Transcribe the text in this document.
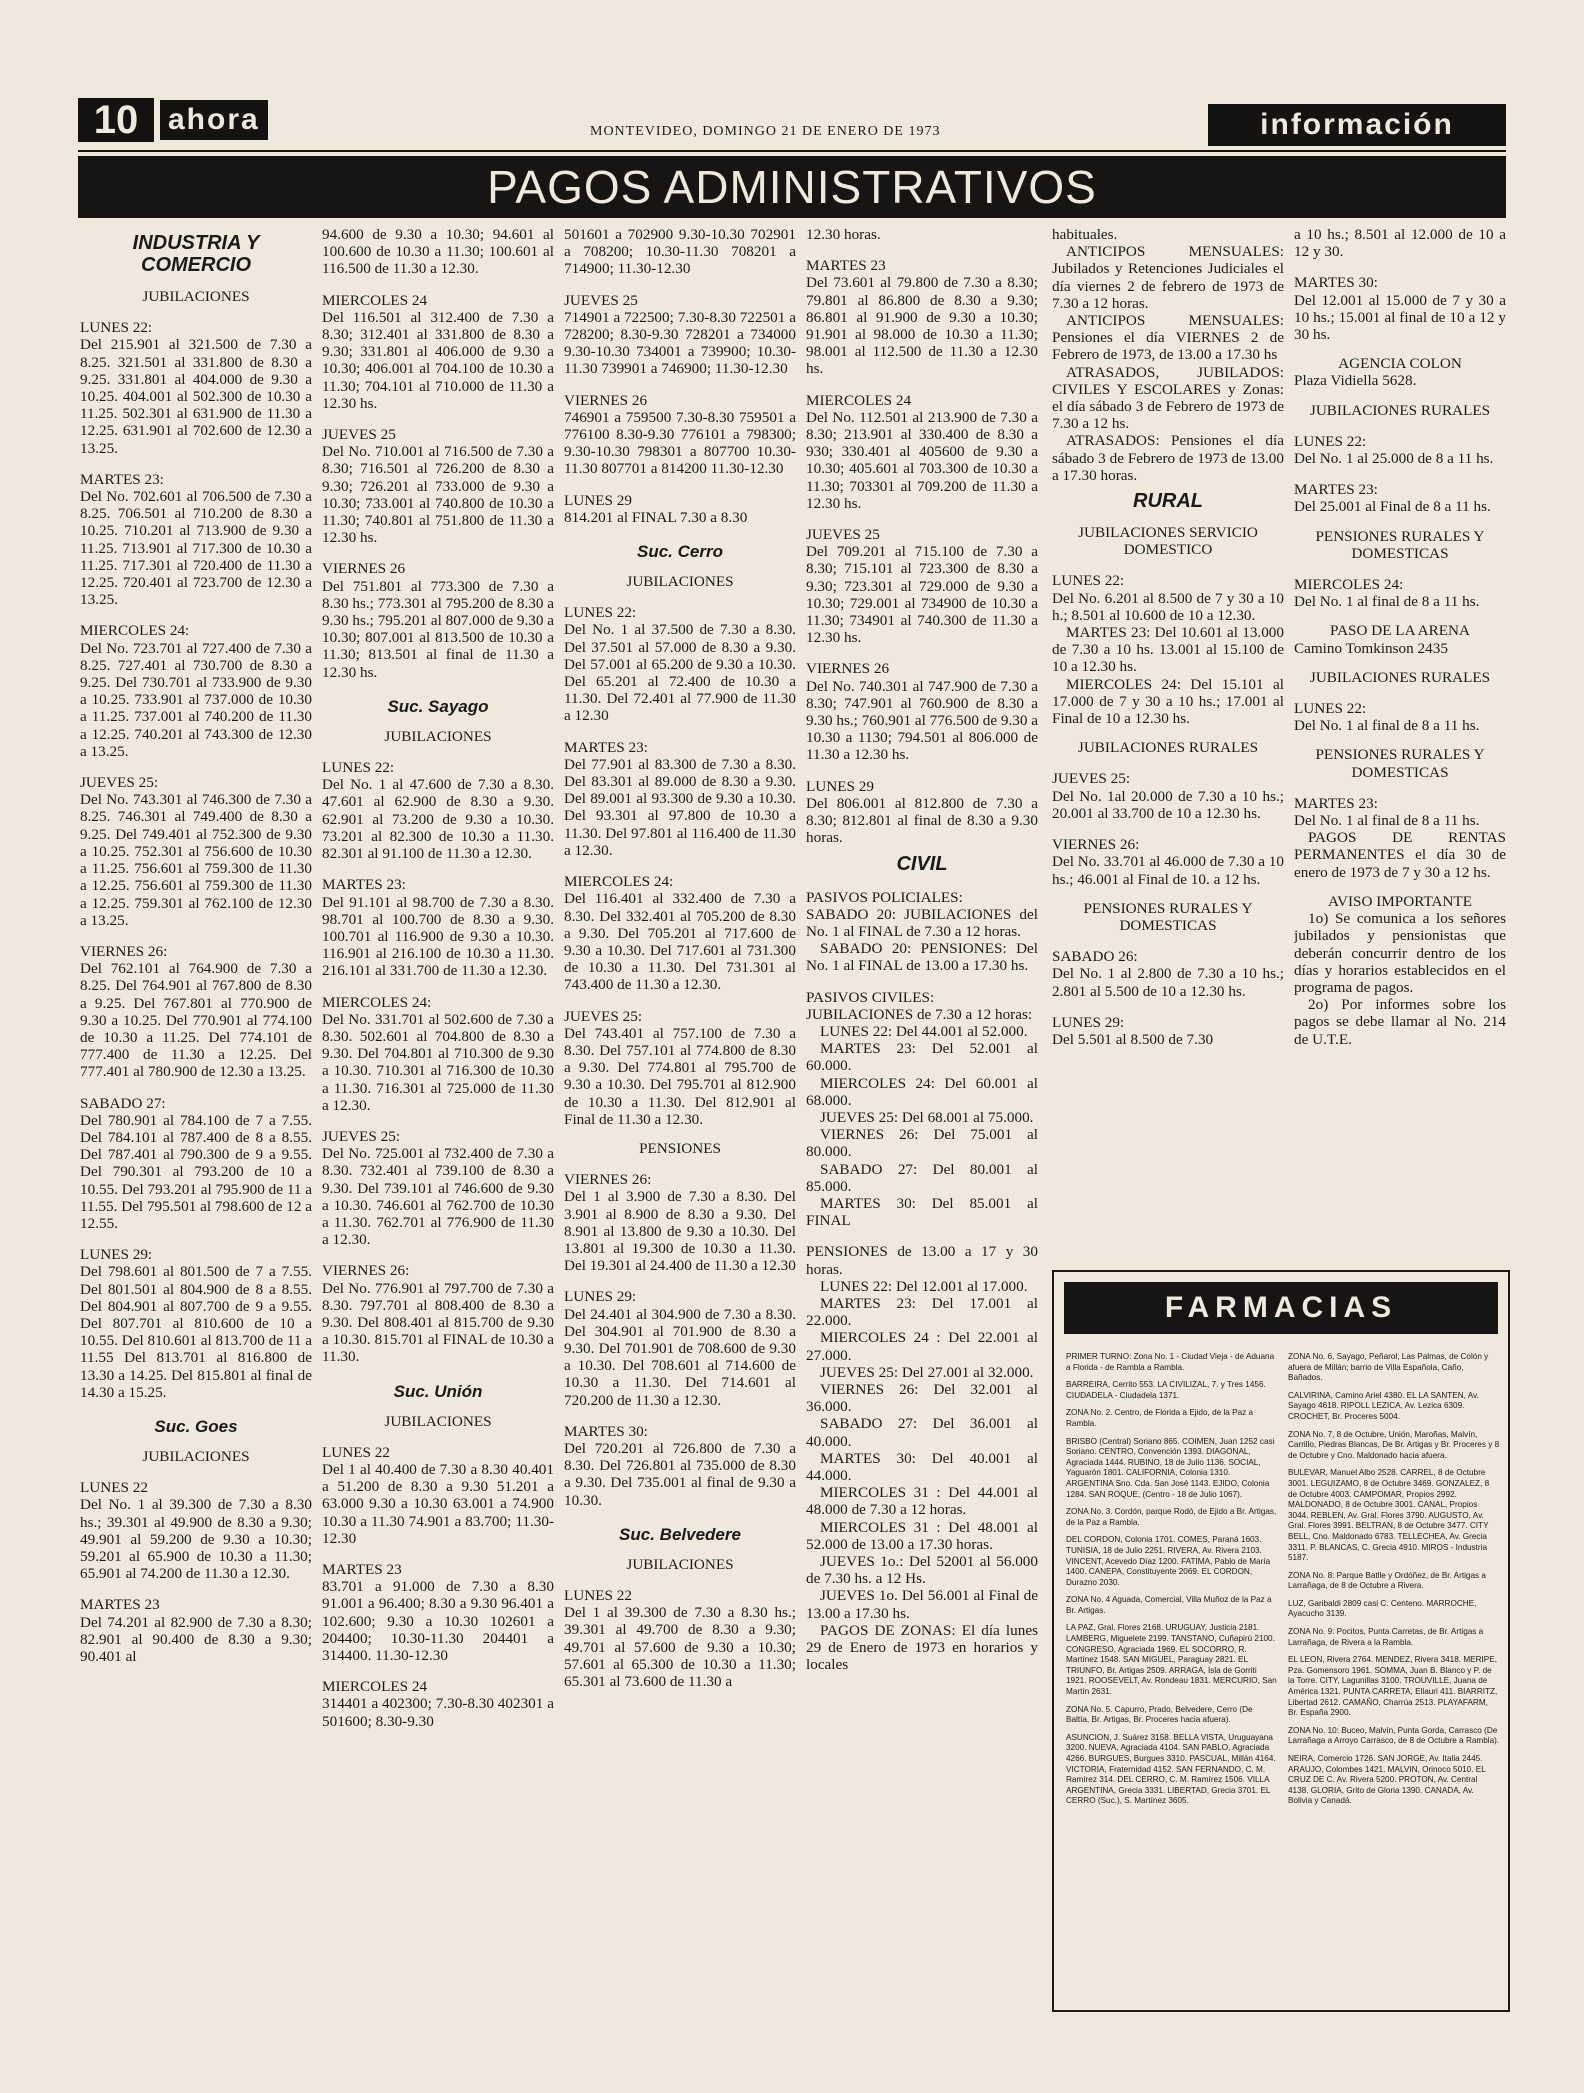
10 ahora	MONTEVIDEO, DOMINGO 21 DE ENERO DE 1973	información
PAGOS ADMINISTRATIVOS
INDUSTRIA Y COMERCIO

JUBILACIONES

LUNES 22:

Del 215.901 al 321.500 de 7.30 a 8.25. 321.501 al 331.800 de 8.30 a 9.25. 331.801 al 404.000 de 9.30 a 10.25. 404.001 al 502.300 de 10.30 a 11.25. 502.301 al 631.900 de 11.30 a 12.25. 631.901 al 702.600 de 12.30 a 13.25.

MARTES 23:

Del No. 702.601 al 706.500 de 7.30 a 8.25. 706.501 al 710.200 de 8.30 a 10.25. 710.201 al 713.900 de 9.30 a 11.25. 713.901 al 717.300 de 10.30 a 11.25. 717.301 al 720.400 de 11.30 a 12.25. 720.401 al 723.700 de 12.30 a 13.25.

MIERCOLES 24:

Del No. 723.701 al 727.400 de 7.30 a 8.25. 727.401 al 730.700 de 8.30 a 9.25. Del 730.701 al 733.900 de 9.30 a 10.25. 733.901 al 737.000 de 10.30 a 11.25. 737.001 al 740.200 de 11.30 a 12.25. 740.201 al 743.300 de 12.30 a 13.25.

JUEVES 25:

Del No. 743.301 al 746.300 de 7.30 a 8.25. 746.301 al 749.400 de 8.30 a 9.25. Del 749.401 al 752.300 de 9.30 a 10.25. 752.301 al 756.600 de 10.30 a 11.25. 756.601 al 759.300 de 11.30 a 12.25. 756.601 al 759.300 de 11.30 a 12.25. 759.301 al 762.100 de 12.30 a 13.25.

VIERNES 26:

Del 762.101 al 764.900 de 7.30 a 8.25. Del 764.901 al 767.800 de 8.30 a 9.25. Del 767.801 al 770.900 de 9.30 a 10.25. Del 770.901 al 774.100 de 10.30 a 11.25. Del 774.101 de 777.400 de 11.30 a 12.25. Del 777.401 al 780.900 de 12.30 a 13.25.

SABADO 27:

Del 780.901 al 784.100 de 7 a 7.55. Del 784.101 al 787.400 de 8 a 8.55. Del 787.401 al 790.300 de 9 a 9.55. Del 790.301 al 793.200 de 10 a 10.55. Del 793.201 al 795.900 de 11 a 11.55. Del 795.501 al 798.600 de 12 a 12.55.

LUNES 29:

Del 798.601 al 801.500 de 7 a 7.55. Del 801.501 al 804.900 de 8 a 8.55. Del 804.901 al 807.700 de 9 a 9.55. Del 807.701 al 810.600 de 10 a 10.55. Del 810.601 al 813.700 de 11 a 11.55 Del 813.701 al 816.800 de 13.30 a 14.25. Del 815.801 al final de 14.30 a 15.25.

Suc. Goes

JUBILACIONES

LUNES 22

Del No. 1 al 39.300 de 7.30 a 8.30 hs.; 39.301 al 49.900 de 8.30 a 9.30; 49.901 al 59.200 de 9.30 a 10.30; 59.201 al 65.900 de 10.30 a 11.30; 65.901 al 74.200 de 11.30 a 12.30.

MARTES 23

Del 74.201 al 82.900 de 7.30 a 8.30; 82.901 al 90.400 de 8.30 a 9.30; 90.401 al

94.600 de 9.30 a 10.30; 94.601 al 100.600 de 10.30 a 11.30; 100.601 al 116.500 de 11.30 a 12.30.

MIERCOLES 24

Del 116.501 al 312.400 de 7.30 a 8.30; 312.401 al 331.800 de 8.30 a 9.30; 331.801 al 406.000 de 9.30 a 10.30; 406.001 al 704.100 de 10.30 a 11.30; 704.101 al 710.000 de 11.30 a 12.30 hs.

JUEVES 25

Del No. 710.001 al 716.500 de 7.30 a 8.30; 716.501 al 726.200 de 8.30 a 9.30; 726.201 al 733.000 de 9.30 a 10.30; 733.001 al 740.800 de 10.30 a 11.30; 740.801 al 751.800 de 11.30 a 12.30 hs.

VIERNES 26

Del 751.801 al 773.300 de 7.30 a 8.30 hs.; 773.301 al 795.200 de 8.30 a 9.30 hs.; 795.201 al 807.000 de 9.30 a 10.30; 807.001 al 813.500 de 10.30 a 11.30; 813.501 al final de 11.30 a 12.30 hs.

Suc. Sayago

JUBILACIONES

LUNES 22:

Del No. 1 al 47.600 de 7.30 a 8.30. 47.601 al 62.900 de 8.30 a 9.30. 62.901 al 73.200 de 9.30 a 10.30. 73.201 al 82.300 de 10.30 a 11.30. 82.301 al 91.100 de 11.30 a 12.30.

MARTES 23:

Del 91.101 al 98.700 de 7.30 a 8.30. 98.701 al 100.700 de 8.30 a 9.30. 100.701 al 116.900 de 9.30 a 10.30. 116.901 al 216.100 de 10.30 a 11.30. 216.101 al 331.700 de 11.30 a 12.30.

MIERCOLES 24:

Del No. 331.701 al 502.600 de 7.30 a 8.30. 502.601 al 704.800 de 8.30 a 9.30. Del 704.801 al 710.300 de 9.30 a 10.30. 710.301 al 716.300 de 10.30 a 11.30. 716.301 al 725.000 de 11.30 a 12.30.

JUEVES 25:

Del No. 725.001 al 732.400 de 7.30 a 8.30. 732.401 al 739.100 de 8.30 a 9.30. Del 739.101 al 746.600 de 9.30 a 10.30. 746.601 al 762.700 de 10.30 a 11.30. 762.701 al 776.900 de 11.30 a 12.30.

VIERNES 26:

Del No. 776.901 al 797.700 de 7.30 a 8.30. 797.701 al 808.400 de 8.30 a 9.30. Del 808.401 al 815.700 de 9.30 a 10.30. 815.701 al FINAL de 10.30 a 11.30.

Suc. Unión

JUBILACIONES

LUNES 22

Del 1 al 40.400 de 7.30 a 8.30 40.401 a 51.200 de 8.30 a 9.30 51.201 a 63.000 9.30 a 10.30 63.001 a 74.900 10.30 a 11.30 74.901 a 83.700; 11.30-12.30

MARTES 23

83.701 a 91.000 de 7.30 a 8.30 91.001 a 96.400; 8.30 a 9.30 96.401 a 102.600; 9.30 a 10.30 102601 a 204400; 10.30-11.30 204401 a 314400. 11.30-12.30

MIERCOLES 24

314401 a 402300; 7.30-8.30 402301 a 501600; 8.30-9.30

501601 a 702900 9.30-10.30 702901 a 708200; 10.30-11.30 708201 a 714900; 11.30-12.30

JUEVES 25

714901 a 722500; 7.30-8.30 722501 a 728200; 8.30-9.30 728201 a 734000 9.30-10.30 734001 a 739900; 10.30-11.30 739901 a 746900; 11.30-12.30

VIERNES 26

746901 a 759500 7.30-8.30 759501 a 776100 8.30-9.30 776101 a 798300; 9.30-10.30 798301 a 807700 10.30-11.30 807701 a 814200 11.30-12.30

LUNES 29

814.201 al FINAL 7.30 a 8.30

Suc. Cerro

JUBILACIONES

LUNES 22:

Del No. 1 al 37.500 de 7.30 a 8.30. Del 37.501 al 57.000 de 8.30 a 9.30. Del 57.001 al 65.200 de 9.30 a 10.30. Del 65.201 al 72.400 de 10.30 a 11.30. Del 72.401 al 77.900 de 11.30 a 12.30

MARTES 23:

Del 77.901 al 83.300 de 7.30 a 8.30. Del 83.301 al 89.000 de 8.30 a 9.30. Del 89.001 al 93.300 de 9.30 a 10.30. Del 93.301 al 97.800 de 10.30 a 11.30. Del 97.801 al 116.400 de 11.30 a 12.30.

MIERCOLES 24:

Del 116.401 al 332.400 de 7.30 a 8.30. Del 332.401 al 705.200 de 8.30 a 9.30. Del 705.201 al 717.600 de 9.30 a 10.30. Del 717.601 al 731.300 de 10.30 a 11.30. Del 731.301 al 743.400 de 11.30 a 12.30.

JUEVES 25:

Del 743.401 al 757.100 de 7.30 a 8.30. Del 757.101 al 774.800 de 8.30 a 9.30. Del 774.801 al 795.700 de 9.30 a 10.30. Del 795.701 al 812.900 de 10.30 a 11.30. Del 812.901 al Final de 11.30 a 12.30.

PENSIONES

VIERNES 26:

Del 1 al 3.900 de 7.30 a 8.30. Del 3.901 al 8.900 de 8.30 a 9.30. Del 8.901 al 13.800 de 9.30 a 10.30. Del 13.801 al 19.300 de 10.30 a 11.30. Del 19.301 al 24.400 de 11.30 a 12.30

LUNES 29:

Del 24.401 al 304.900 de 7.30 a 8.30. Del 304.901 al 701.900 de 8.30 a 9.30. Del 701.901 de 708.600 de 9.30 a 10.30. Del 708.601 al 714.600 de 10.30 a 11.30. Del 714.601 al 720.200 de 11.30 a 12.30.

MARTES 30:

Del 720.201 al 726.800 de 7.30 a 8.30. Del 726.801 al 735.000 de 8.30 a 9.30. Del 735.001 al final de 9.30 a 10.30.

Suc. Belvedere

JUBILACIONES

LUNES 22

Del 1 al 39.300 de 7.30 a 8.30 hs.; 39.301 al 49.700 de 8.30 a 9.30; 49.701 al 57.600 de 9.30 a 10.30; 57.601 al 65.300 de 10.30 a 11.30; 65.301 al 73.600 de 11.30 a

12.30 horas.

MARTES 23

Del 73.601 al 79.800 de 7.30 a 8.30; 79.801 al 86.800 de 8.30 a 9.30; 86.801 al 91.900 de 9.30 a 10.30; 91.901 al 98.000 de 10.30 a 11.30; 98.001 al 112.500 de 11.30 a 12.30 hs.

MIERCOLES 24

Del No. 112.501 al 213.900 de 7.30 a 8.30; 213.901 al 330.400 de 8.30 a 930; 330.401 al 405600 de 9.30 a 10.30; 405.601 al 703.300 de 10.30 a 11.30; 703301 al 709.200 de 11.30 a 12.30 hs.

JUEVES 25

Del 709.201 al 715.100 de 7.30 a 8.30; 715.101 al 723.300 de 8.30 a 9.30; 723.301 al 729.000 de 9.30 a 10.30; 729.001 al 734900 de 10.30 a 11.30; 734901 al 740.300 de 11.30 a 12.30 hs.

VIERNES 26

Del No. 740.301 al 747.900 de 7.30 a 8.30; 747.901 al 760.900 de 8.30 a 9.30 hs.; 760.901 al 776.500 de 9.30 a 10.30 a 1130; 794.501 al 806.000 de 11.30 a 12.30 hs.

LUNES 29

Del 806.001 al 812.800 de 7.30 a 8.30; 812.801 al final de 8.30 a 9.30 horas.

CIVIL

PASIVOS POLICIALES:

SABADO 20: JUBILACIONES del No. 1 al FINAL de 7.30 a 12 horas.

SABADO 20: PENSIONES: Del No. 1 al FINAL de 13.00 a 17.30 hs.

PASIVOS CIVILES:

JUBILACIONES de 7.30 a 12 horas:

LUNES 22: Del 44.001 al 52.000.

MARTES 23: Del 52.001 al 60.000.

MIERCOLES 24: Del 60.001 al 68.000.

JUEVES 25: Del 68.001 al 75.000.

VIERNES 26: Del 75.001 al 80.000.

SABADO 27: Del 80.001 al 85.000.

MARTES 30: Del 85.001 al FINAL

PENSIONES de 13.00 a 17 y 30 horas.

LUNES 22: Del 12.001 al 17.000.

MARTES 23: Del 17.001 al 22.000.

MIERCOLES 24 : Del 22.001 al 27.000.

JUEVES 25: Del 27.001 al 32.000.

VIERNES 26: Del 32.001 al 36.000.

SABADO 27: Del 36.001 al 40.000.

MARTES 30: Del 40.001 al 44.000.

MIERCOLES 31 : Del 44.001 al 48.000 de 7.30 a 12 horas.

MIERCOLES 31 : Del 48.001 al 52.000 de 13.00 a 17.30 horas.

JUEVES 1o.: Del 52001 al 56.000 de 7.30 hs. a 12 Hs.

JUEVES 1o. Del 56.001 al Final de 13.00 a 17.30 hs.

PAGOS DE ZONAS: El día lunes 29 de Enero de 1973 en horarios y locales

habituales.

ANTICIPOS MENSUALES: Jubilados y Retenciones Judiciales el día viernes 2 de febrero de 1973 de 7.30 a 12 horas.

ANTICIPOS MENSUALES: Pensiones el día VIERNES 2 de Febrero de 1973, de 13.00 a 17.30 hs

ATRASADOS, JUBILADOS: CIVILES Y ESCOLARES y Zonas: el día sábado 3 de Febrero de 1973 de 7.30 a 12 hs.

ATRASADOS: Pensiones el día sábado 3 de Febrero de 1973 de 13.00 a 17.30 horas.

RURAL

JUBILACIONES SERVICIO DOMESTICO

LUNES 22:

Del No. 6.201 al 8.500 de 7 y 30 a 10 h.; 8.501 al 10.600 de 10 a 12.30.

MARTES 23: Del 10.601 al 13.000 de 7.30 a 10 hs. 13.001 al 15.100 de 10 a 12.30 hs.

MIERCOLES 24: Del 15.101 al 17.000 de 7 y 30 a 10 hs.; 17.001 al Final de 10 a 12.30 hs.

JUBILACIONES RURALES

JUEVES 25:

Del No. 1al 20.000 de 7.30 a 10 hs.; 20.001 al 33.700 de 10 a 12.30 hs.

VIERNES 26:

Del No. 33.701 al 46.000 de 7.30 a 10 hs.; 46.001 al Final de 10. a 12 hs.

PENSIONES RURALES Y DOMESTICAS

SABADO 26:

Del No. 1 al 2.800 de 7.30 a 10 hs.; 2.801 al 5.500 de 10 a 12.30 hs.

LUNES 29:

Del 5.501 al 8.500 de 7.30

a 10 hs.; 8.501 al 12.000 de 10 a 12 y 30.

MARTES 30:

Del 12.001 al 15.000 de 7 y 30 a 10 hs.; 15.001 al final de 10 a 12 y 30 hs.

AGENCIA COLON

Plaza Vidiella 5628.

JUBILACIONES RURALES

LUNES 22:

Del No. 1 al 25.000 de 8 a 11 hs.

MARTES 23:

Del 25.001 al Final de 8 a 11 hs.

PENSIONES RURALES Y DOMESTICAS

MIERCOLES 24:

Del No. 1 al final de 8 a 11 hs.

PASO DE LA ARENA

Camino Tomkinson 2435

JUBILACIONES RURALES

LUNES 22:

Del No. 1 al final de 8 a 11 hs.

PENSIONES RURALES Y DOMESTICAS

MARTES 23:

Del No. 1 al final de 8 a 11 hs.

PAGOS DE RENTAS PERMANENTES el día 30 de enero de 1973 de 7 y 30 a 12 hs.

AVISO IMPORTANTE

1o) Se comunica a los señores jubilados y pensionistas que deberán concurrir dentro de los días y horarios establecidos en el programa de pagos.

2o) Por informes sobre los pagos se debe llamar al No. 214 de U.T.E.

FARMACIAS

PRIMER TURNO: Zona No. 1 - Ciudad Vieja - de Aduana a Florida - de Rambla a Rambla.

BARREIRA, Cerrito 553. LA CIVILIZAL, 7. y Tres 1456. CIUDADELA - Ciudadela 1371.

ZONA No. 2. Centro, de Florida a Ejido, de la Paz a Rambla.

BRISBO (Central) Soriano 865. COIMEN, Juan 1252 casi Soriano. CENTRO, Convención 1393. DIAGONAL, Agraciada 1444. RUBINO, 18 de Julio 1136. SOCIAL, Yaguarón 1801. CALIFORNIA, Colonia 1310. ARGENTINA Sno. Cda. San José 1143. EJIDO, Colonia 1284. SAN ROQUE, (Centro - 18 de Julio 1067).

ZONA No. 3. Cordón, parque Rodó, de Ejido a Br. Artigas, de la Paz a Rambla.

DEL CORDON, Colonia 1701. COMES, Paraná 1603. TUNISIA, 18 de Julio 2251. RIVERA, Av. Rivera 2103. VINCENT, Acevedo Díaz 1200. FATIMA, Pablo de María 1400. CANEPA, Constituyente 2069. EL CORDON, Durazno 2030.

ZONA No. 4 Aguada, Comercial, Villa Muñoz de la Paz a Br. Artigas.

LA PAZ, Gral. Flores 2168. URUGUAY, Justicia 2181. LAMBERG, Miguelete 2199. TANSTANO, Cuñapirú 2100. CONGRESO, Agraciada 1969. EL SOCORRO, R. Martínez 1548. SAN MIGUEL, Paraguay 2821. EL TRIUNFO, Br. Artigas 2509. ARRAGA, Isla de Gorriti 1921. ROOSEVELT, Av. Rondeau 1831. MERCURIO, San Martín 2631.

ZONA No. 5. Capurro, Prado, Belvedere, Cerro (De Baltía, Br. Artigas, Br. Proceres hacia afuera).

ASUNCION, J. Suárez 3158. BELLA VISTA, Uruguayana 3200. NUEVA, Agraciada 4104. SAN PABLO, Agraciada 4266. BURGUES, Burgues 3310. PASCUAL, Millán 4164. VICTORIA, Fraternidad 4152. SAN FERNANDO, C. M. Ramírez 314. DEL CERRO, C. M. Ramírez 1506. VILLA ARGENTINA, Grecia 3331. LIBERTAD, Grecia 3701. EL CERRO (Suc.), S. Martínez 3605.

ZONA No. 6, Sayago, Peñarol, Las Palmas, de Colón y afuera de Millán; barrio de Villa Española, Caño, Bañados.

CALVIRINA, Camino Ariel 4380. EL LA SANTEN, Av. Sayago 4618. RIPOLL LEZICA, Av. Lezica 6309. CROCHET, Br. Proceres 5004.

ZONA No. 7, 8 de Octubre, Unión, Maroñas, Malvín, Carrillo, Piedras Blancas, De Br. Artigas y Br. Proceres y 8 de Octubre y Cno. Maldonado hacia afuera.

BULEVAR, Manuel Albo 2528. CARREL, 8 de Octubre 3001. LEGUIZAMO, 8 de Octubre 3469. GONZALEZ, 8 de Octubre 4003. CAMPOMAR, Propios 2992. MALDONADO, 8 de Octubre 3001. CANAL, Propios 3044. REBLEN, Av. Gral. Flores 3790. AUGUSTO, Av. Gral. Flores 3991. BELTRAN, 8 de Octubre 3477. CITY BELL, Cno. Maldonado 6783. TELLECHEA, Av. Grecia 3311. P. BLANCAS, C. Grecia 4910. MIROS - Industria 5187.

ZONA No. 8: Parque Batlle y Ordóñez, de Br. Artigas a Larrañaga, de 8 de Octubre a Rivera.

LUZ, Garibaldi 2809 casi C. Centeno. MARROCHE, Ayacucho 3139.

ZONA No. 9: Pocitos, Punta Carretas, de Br. Artigas a Larrañaga, de Rivera a la Rambla.

EL LEON, Rivera 2764. MENDEZ, Rivera 3418. MERIPE, Pza. Gomensoro 1961. SOMMA, Juan B. Blanco y P. de la Torre. CITY, Lagunillas 3100. TROUVILLE, Juana de América 1321. PUNTA CARRETA, Ellauri 411. BIARRITZ, Libertad 2612. CAMAÑO, Charrúa 2513. PLAYAFARM, Br. España 2900.

ZONA No. 10: Buceo, Malvín, Punta Gorda, Carrasco (De Larrañaga a Arroyo Carrasco, de 8 de Octubre a Rambla).

NEIRA, Comercio 1726. SAN JORGE, Av. Italia 2445. ARAUJO, Colombes 1421. MALVIN, Orinoco 5010. EL CRUZ DE C. Av. Rivera 5200. PROTON, Av. Central 4138. GLORIA, Grito de Gloria 1390. CANADA, Av. Bolivia y Canadá.
